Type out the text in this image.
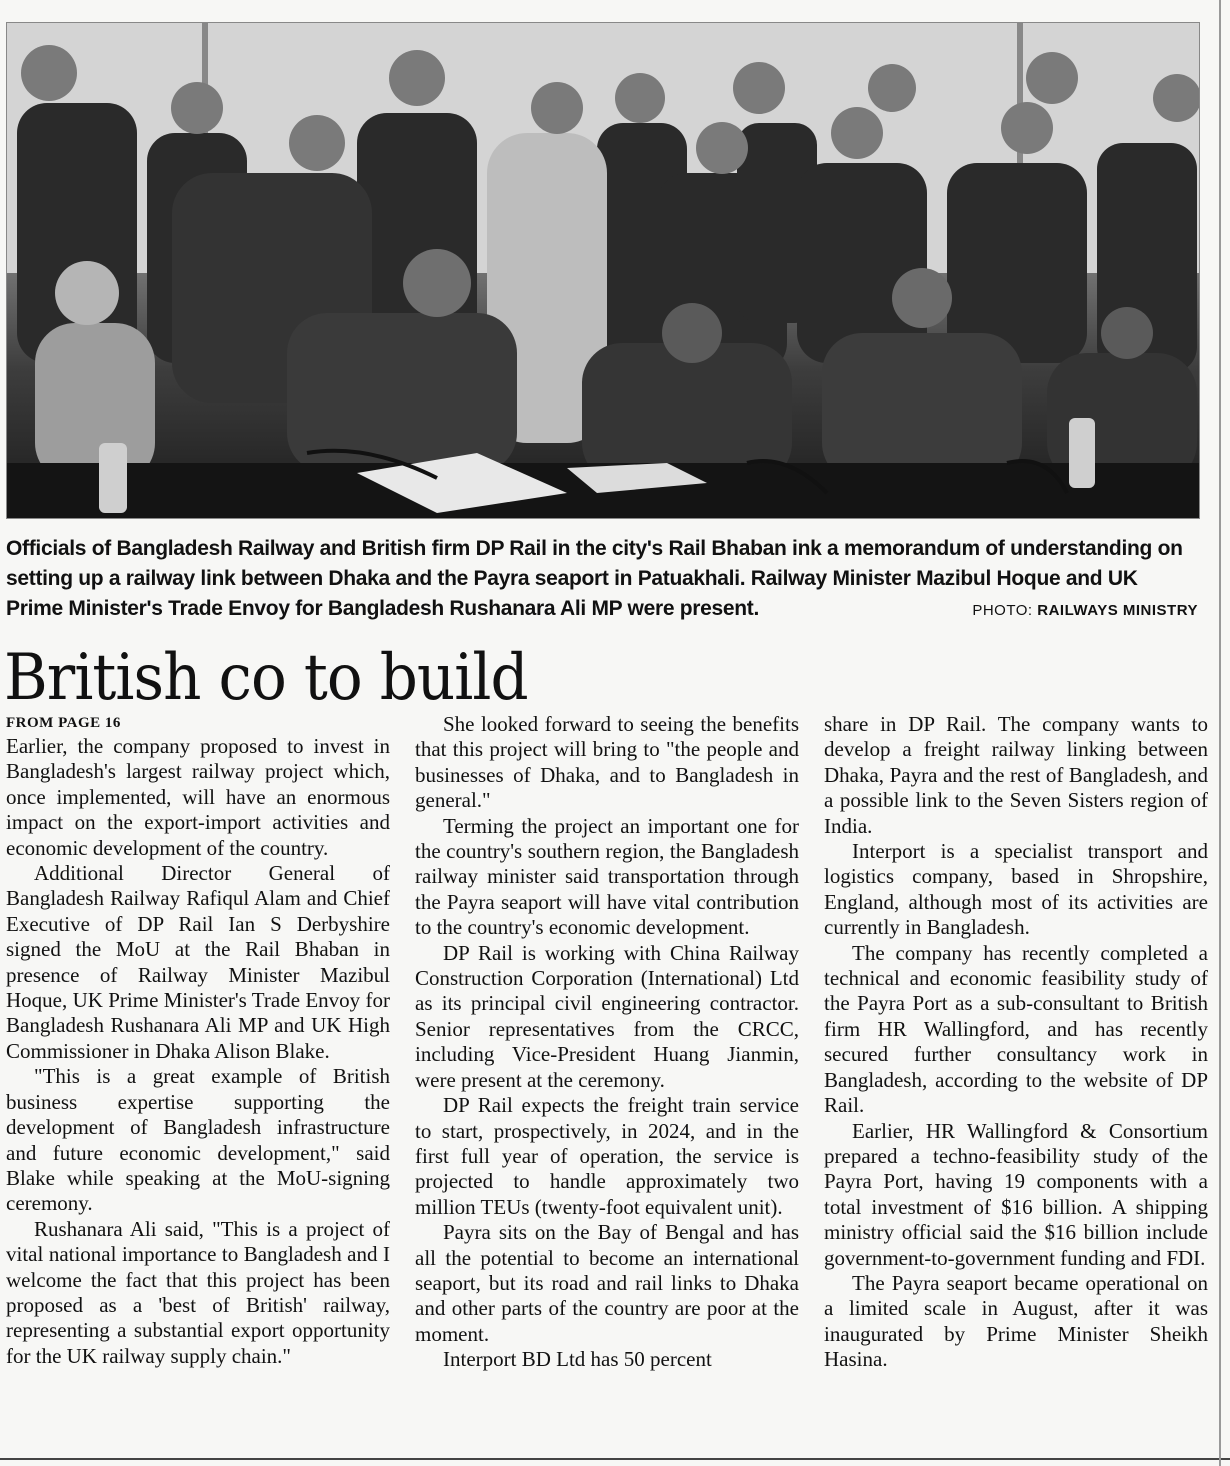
Officials of Bangladesh Railway and British firm DP Rail in the city's Rail Bhaban ink a memorandum of understanding on setting up a railway link between Dhaka and the Payra seaport in Patuakhali. Railway Minister Mazibul Hoque and UK Prime Minister's Trade Envoy for Bangladesh Rushanara Ali MP were present.	PHOTO: RAILWAYS MINISTRY
British co to build
FROM PAGE 16

Earlier, the company proposed to invest in Bangladesh's largest railway project which, once implemented, will have an enormous impact on the export-import activities and economic development of the country.

Additional Director General of Bangladesh Railway Rafiqul Alam and Chief Executive of DP Rail Ian S Derbyshire signed the MoU at the Rail Bhaban in presence of Railway Minister Mazibul Hoque, UK Prime Minister's Trade Envoy for Bangladesh Rushanara Ali MP and UK High Commissioner in Dhaka Alison Blake.

"This is a great example of British business expertise supporting the development of Bangladesh infrastructure and future economic development," said Blake while speaking at the MoU-signing ceremony.

Rushanara Ali said, "This is a project of vital national importance to Bangladesh and I welcome the fact that this project has been proposed as a 'best of British' railway, representing a substantial export opportunity for the UK railway supply chain."

She looked forward to seeing the benefits that this project will bring to "the people and businesses of Dhaka, and to Bangladesh in general."

Terming the project an important one for the country's southern region, the Bangladesh railway minister said transportation through the Payra seaport will have vital contribution to the country's economic development.

DP Rail is working with China Railway Construction Corporation (International) Ltd as its principal civil engineering contractor. Senior representatives from the CRCC, including Vice-President Huang Jianmin, were present at the ceremony.

DP Rail expects the freight train service to start, prospectively, in 2024, and in the first full year of operation, the service is projected to handle approximately two million TEUs (twenty-foot equivalent unit).

Payra sits on the Bay of Bengal and has all the potential to become an international seaport, but its road and rail links to Dhaka and other parts of the country are poor at the moment.

Interport BD Ltd has 50 percent

share in DP Rail. The company wants to develop a freight railway linking between Dhaka, Payra and the rest of Bangladesh, and a possible link to the Seven Sisters region of India.

Interport is a specialist transport and logistics company, based in Shropshire, England, although most of its activities are currently in Bangladesh.

The company has recently completed a technical and economic feasibility study of the Payra Port as a sub-consultant to British firm HR Wallingford, and has recently secured further consultancy work in Bangladesh, according to the website of DP Rail.

Earlier, HR Wallingford & Consortium prepared a techno-feasibility study of the Payra Port, having 19 components with a total investment of $16 billion. A shipping ministry official said the $16 billion include government-to-government funding and FDI.

The Payra seaport became operational on a limited scale in August, after it was inaugurated by Prime Minister Sheikh Hasina.
